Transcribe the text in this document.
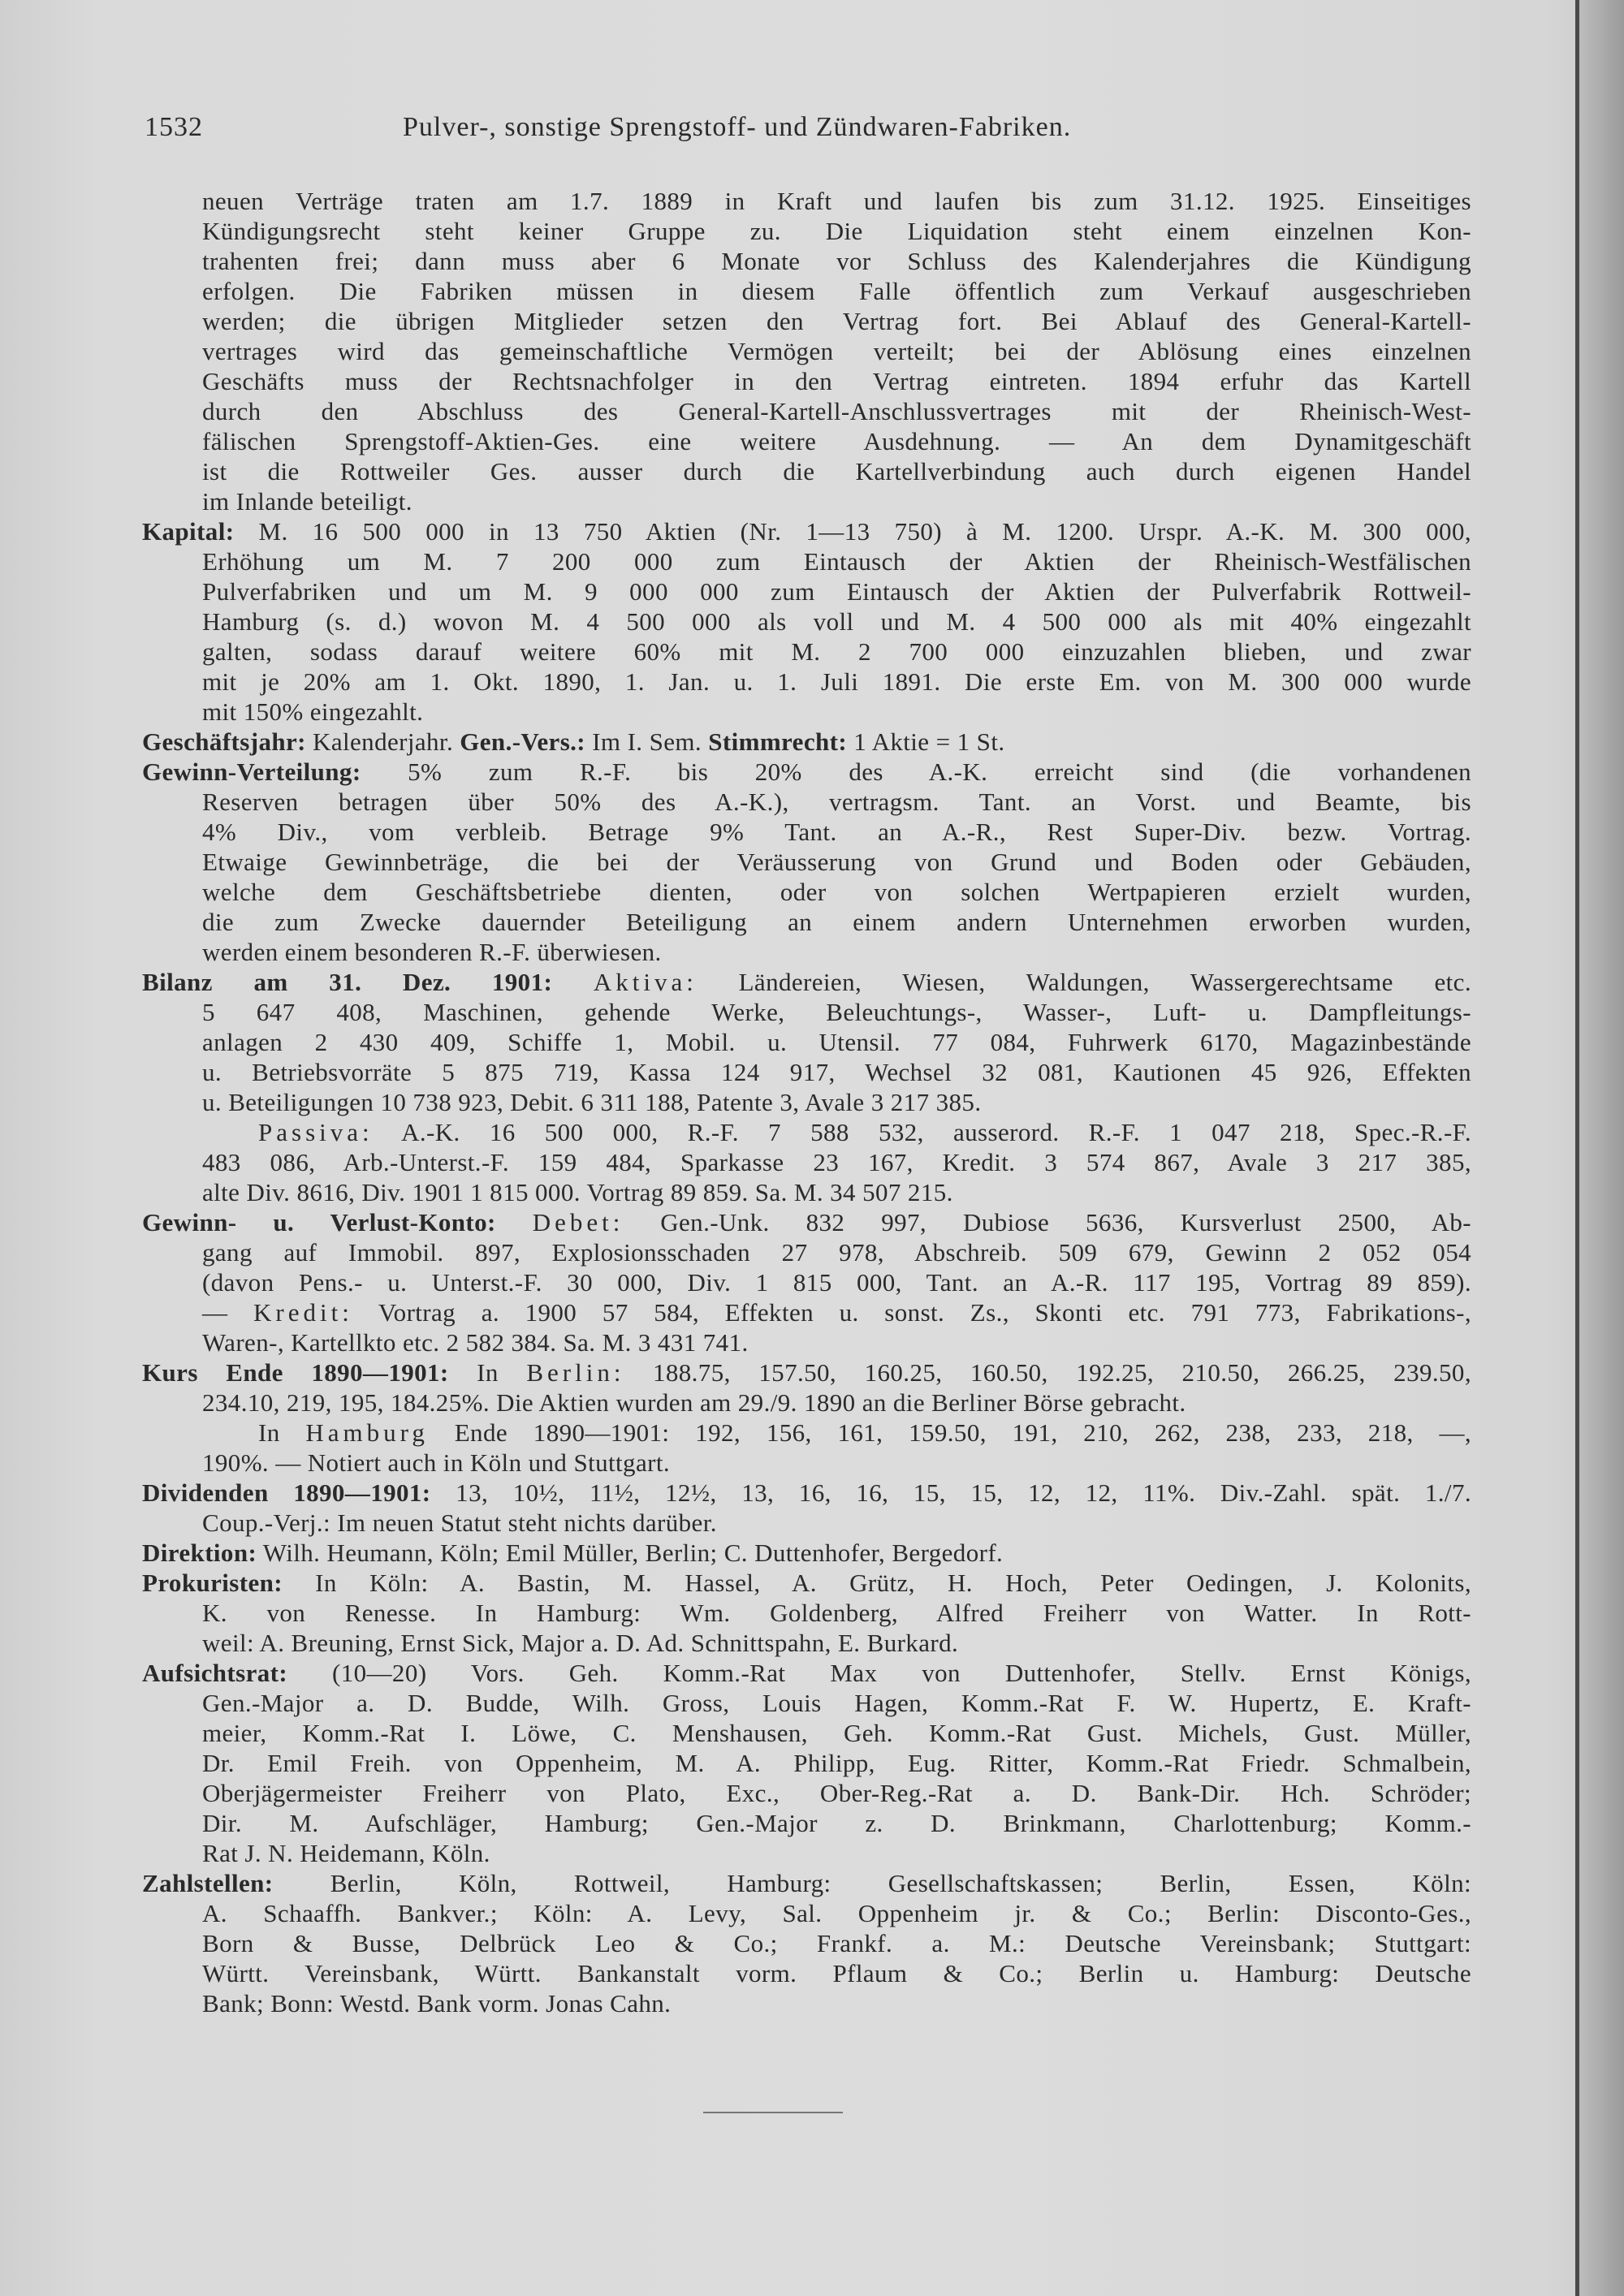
1532	Pulver-, sonstige Sprengstoff- und Zündwaren-Fabriken.
neuen Verträge traten am 1.7. 1889 in Kraft und laufen bis zum 31.12. 1925. Einseitiges
Kündigungsrecht steht keiner Gruppe zu. Die Liquidation steht einem einzelnen Kon-
trahenten frei; dann muss aber 6 Monate vor Schluss des Kalenderjahres die Kündigung
erfolgen. Die Fabriken müssen in diesem Falle öffentlich zum Verkauf ausgeschrieben
werden; die übrigen Mitglieder setzen den Vertrag fort. Bei Ablauf des General-Kartell-
vertrages wird das gemeinschaftliche Vermögen verteilt; bei der Ablösung eines einzelnen
Geschäfts muss der Rechtsnachfolger in den Vertrag eintreten. 1894 erfuhr das Kartell
durch den Abschluss des General-Kartell-Anschlussvertrages mit der Rheinisch-West-
fälischen Sprengstoff-Aktien-Ges. eine weitere Ausdehnung. — An dem Dynamitgeschäft
ist die Rottweiler Ges. ausser durch die Kartellverbindung auch durch eigenen Handel
im Inlande beteiligt.
Kapital: M. 16 500 000 in 13 750 Aktien (Nr. 1—13 750) à M. 1200. Urspr. A.-K. M. 300 000,
Erhöhung um M. 7 200 000 zum Eintausch der Aktien der Rheinisch-Westfälischen
Pulverfabriken und um M. 9 000 000 zum Eintausch der Aktien der Pulverfabrik Rottweil-
Hamburg (s. d.) wovon M. 4 500 000 als voll und M. 4 500 000 als mit 40% eingezahlt
galten, sodass darauf weitere 60% mit M. 2 700 000 einzuzahlen blieben, und zwar
mit je 20% am 1. Okt. 1890, 1. Jan. u. 1. Juli 1891. Die erste Em. von M. 300 000 wurde
mit 150% eingezahlt.
Geschäftsjahr: Kalenderjahr. Gen.-Vers.: Im I. Sem. Stimmrecht: 1 Aktie = 1 St.
Gewinn-Verteilung: 5% zum R.-F. bis 20% des A.-K. erreicht sind (die vorhandenen
Reserven betragen über 50% des A.-K.), vertragsm. Tant. an Vorst. und Beamte, bis
4% Div., vom verbleib. Betrage 9% Tant. an A.-R., Rest Super-Div. bezw. Vortrag.
Etwaige Gewinnbeträge, die bei der Veräusserung von Grund und Boden oder Gebäuden,
welche dem Geschäftsbetriebe dienten, oder von solchen Wertpapieren erzielt wurden,
die zum Zwecke dauernder Beteiligung an einem andern Unternehmen erworben wurden,
werden einem besonderen R.-F. überwiesen.
Bilanz am 31. Dez. 1901: Aktiva: Ländereien, Wiesen, Waldungen, Wassergerechtsame etc.
5 647 408, Maschinen, gehende Werke, Beleuchtungs-, Wasser-, Luft- u. Dampfleitungs-
anlagen 2 430 409, Schiffe 1, Mobil. u. Utensil. 77 084, Fuhrwerk 6170, Magazinbestände
u. Betriebsvorräte 5 875 719, Kassa 124 917, Wechsel 32 081, Kautionen 45 926, Effekten
u. Beteiligungen 10 738 923, Debit. 6 311 188, Patente 3, Avale 3 217 385.
Passiva: A.-K. 16 500 000, R.-F. 7 588 532, ausserord. R.-F. 1 047 218, Spec.-R.-F.
483 086, Arb.-Unterst.-F. 159 484, Sparkasse 23 167, Kredit. 3 574 867, Avale 3 217 385,
alte Div. 8616, Div. 1901 1 815 000. Vortrag 89 859. Sa. M. 34 507 215.
Gewinn- u. Verlust-Konto: Debet: Gen.-Unk. 832 997, Dubiose 5636, Kursverlust 2500, Ab-
gang auf Immobil. 897, Explosionsschaden 27 978, Abschreib. 509 679, Gewinn 2 052 054
(davon Pens.- u. Unterst.-F. 30 000, Div. 1 815 000, Tant. an A.-R. 117 195, Vortrag 89 859).
— Kredit: Vortrag a. 1900 57 584, Effekten u. sonst. Zs., Skonti etc. 791 773, Fabrikations-,
Waren-, Kartellkto etc. 2 582 384. Sa. M. 3 431 741.
Kurs Ende 1890—1901: In Berlin: 188.75, 157.50, 160.25, 160.50, 192.25, 210.50, 266.25, 239.50,
234.10, 219, 195, 184.25%. Die Aktien wurden am 29./9. 1890 an die Berliner Börse gebracht.
In Hamburg Ende 1890—1901: 192, 156, 161, 159.50, 191, 210, 262, 238, 233, 218, —,
190%. — Notiert auch in Köln und Stuttgart.
Dividenden 1890—1901: 13, 10½, 11½, 12½, 13, 16, 16, 15, 15, 12, 12, 11%. Div.-Zahl. spät. 1./7.
Coup.-Verj.: Im neuen Statut steht nichts darüber.
Direktion: Wilh. Heumann, Köln; Emil Müller, Berlin; C. Duttenhofer, Bergedorf.
Prokuristen: In Köln: A. Bastin, M. Hassel, A. Grütz, H. Hoch, Peter Oedingen, J. Kolonits,
K. von Renesse. In Hamburg: Wm. Goldenberg, Alfred Freiherr von Watter. In Rott-
weil: A. Breuning, Ernst Sick, Major a. D. Ad. Schnittspahn, E. Burkard.
Aufsichtsrat: (10—20) Vors. Geh. Komm.-Rat Max von Duttenhofer, Stellv. Ernst Königs,
Gen.-Major a. D. Budde, Wilh. Gross, Louis Hagen, Komm.-Rat F. W. Hupertz, E. Kraft-
meier, Komm.-Rat I. Löwe, C. Menshausen, Geh. Komm.-Rat Gust. Michels, Gust. Müller,
Dr. Emil Freih. von Oppenheim, M. A. Philipp, Eug. Ritter, Komm.-Rat Friedr. Schmalbein,
Oberjägermeister Freiherr von Plato, Exc., Ober-Reg.-Rat a. D. Bank-Dir. Hch. Schröder;
Dir. M. Aufschläger, Hamburg; Gen.-Major z. D. Brinkmann, Charlottenburg; Komm.-
Rat J. N. Heidemann, Köln.
Zahlstellen: Berlin, Köln, Rottweil, Hamburg: Gesellschaftskassen; Berlin, Essen, Köln:
A. Schaaffh. Bankver.; Köln: A. Levy, Sal. Oppenheim jr. & Co.; Berlin: Disconto-Ges.,
Born & Busse, Delbrück Leo & Co.; Frankf. a. M.: Deutsche Vereinsbank; Stuttgart:
Württ. Vereinsbank, Württ. Bankanstalt vorm. Pflaum & Co.; Berlin u. Hamburg: Deutsche
Bank; Bonn: Westd. Bank vorm. Jonas Cahn.
